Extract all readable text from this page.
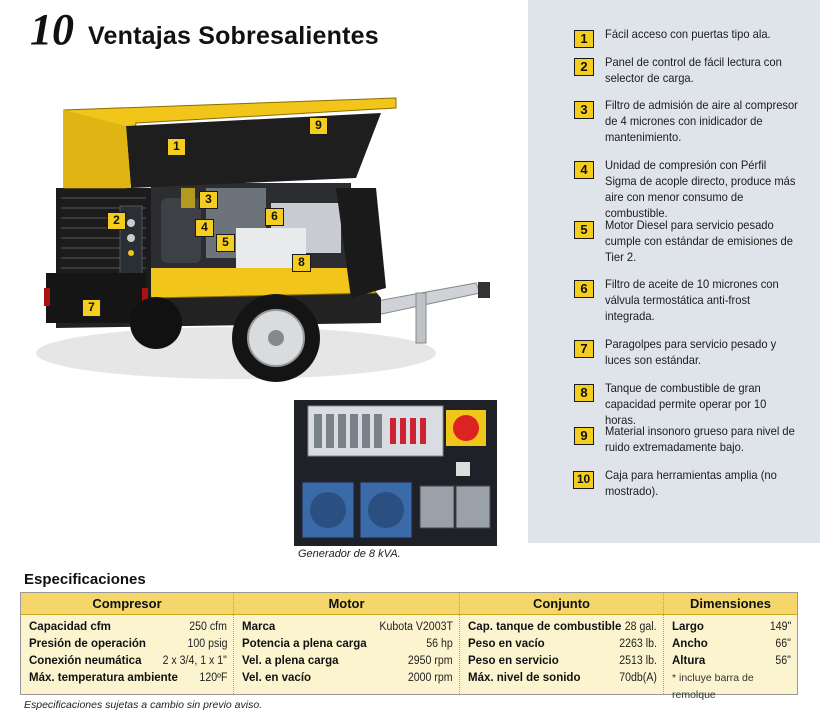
10 Ventajas Sobresalientes	1	Fácil acceso con puertas tipo ala.
2	Panel de control de fácil lectura con selector de carga.
3	Filtro de admisión de aire al compresor de 4 micrones con inidicador de mantenimiento.
4	Unidad de compresión con Pérfil Sigma de acople directo, produce más aire con menor consumo de combustible.
5	Motor Diesel para servicio pesado cumple con estándar de emisiones de Tier 2.
6	Filtro de aceite de 10 micrones con válvula termostática anti-frost integrada.
7	Paragolpes para servicio pesado y luces son estándar.
8	Tanque de combustible de gran capacidad permite operar por 10 horas.
9	Material insonoro grueso para nivel de ruido extremadamente bajo.
10	Caja para herramientas amplia (no mostrado).
1
9
2
3
6
4
5
8
7
Generador de 8 kVA.
Especificaciones
Compresor
Capacidad cfm	250 cfm
Presión de operación	100 psig
Conexión neumática 2 x 3/4, 1 x 1"
Máx. temperatura ambiente 120ºF
Motor
Marca	Kubota V2003T
Potencia a plena carga	56 hp
Vel. a plena carga	2950 rpm
Vel. en vacío	2000 rpm
Conjunto
Cap. tanque de combustible 28 gal.
Peso en vacío	2263 lb.
Peso en servicio	2513 lb.
Máx. nivel de sonido	70db(A)
Dimensiones
Largo	149"
Ancho	66"
Altura	56"
* incluye barra de remolque
Especificaciones sujetas a cambio sin previo aviso.
